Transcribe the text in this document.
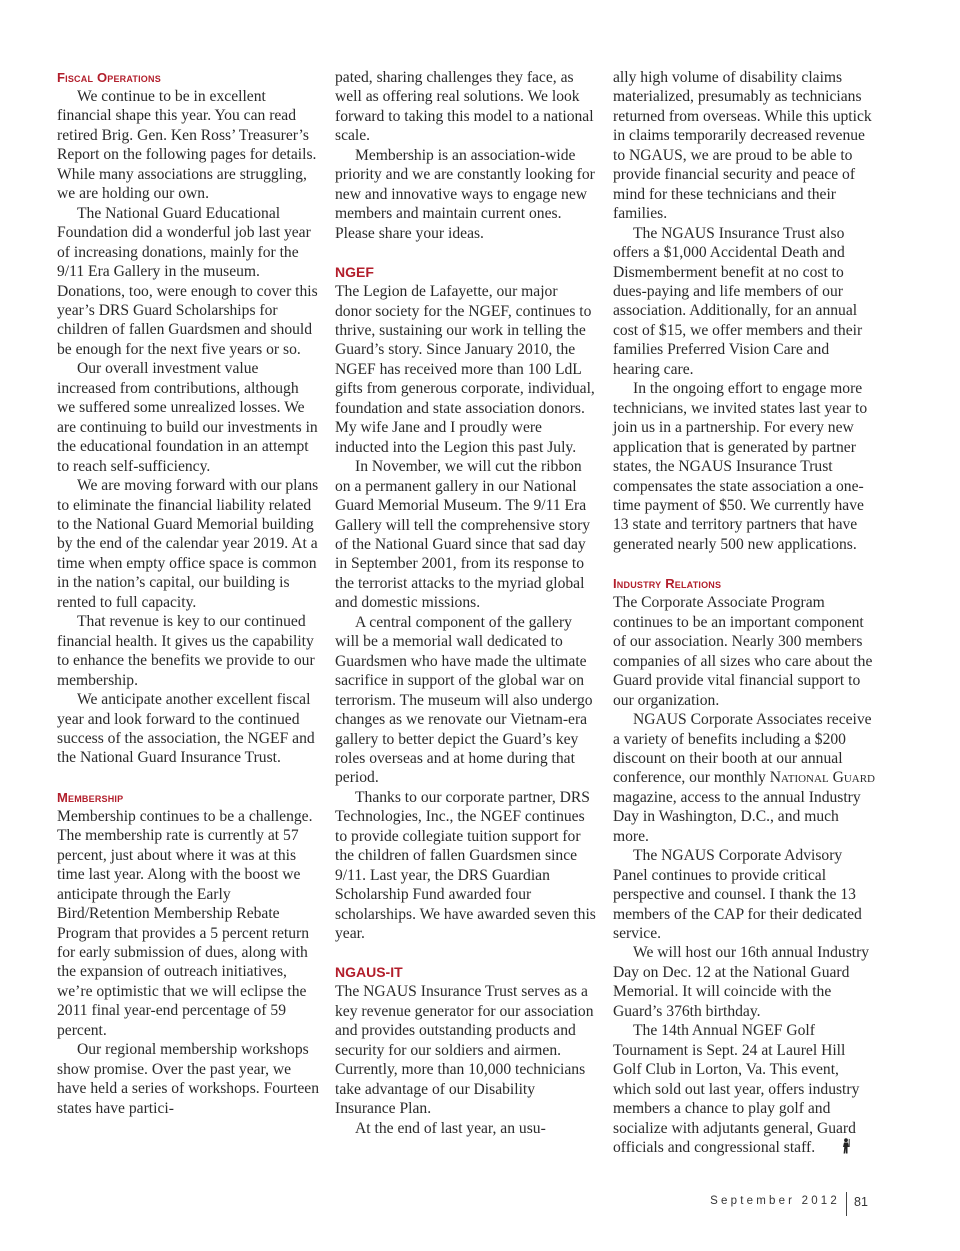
Fiscal Operations

We continue to be in excellent financial shape this year. You can read retired Brig. Gen. Ken Ross’ Treasurer’s Report on the following pages for details. While many associations are struggling, we are holding our own.

The National Guard Educational Foundation did a wonderful job last year of increasing donations, mainly for the 9/11 Era Gallery in the museum. Donations, too, were enough to cover this year’s DRS Guard Scholarships for children of fallen Guardsmen and should be enough for the next five years or so.

Our overall investment value increased from contributions, although we suffered some unrealized losses. We are continuing to build our investments in the educational foundation in an attempt to reach self-sufficiency.

We are moving forward with our plans to eliminate the financial liability related to the National Guard Memorial building by the end of the calendar year 2019. At a time when empty office space is common in the nation’s capital, our building is rented to full capacity.

That revenue is key to our continued financial health. It gives us the capability to enhance the benefits we provide to our membership.

We anticipate another excellent fiscal year and look forward to the continued success of the association, the NGEF and the National Guard Insurance Trust.

Membership

Membership continues to be a challenge. The membership rate is currently at 57 percent, just about where it was at this time last year. Along with the boost we anticipate through the Early Bird/Retention Membership Rebate Program that provides a 5 percent return for early submission of dues, along with the expansion of outreach initiatives, we’re optimistic that we will eclipse the 2011 final year-end percentage of 59 percent.

Our regional membership workshops show promise. Over the past year, we have held a series of workshops. Fourteen states have partici-

pated, sharing challenges they face, as well as offering real solutions. We look forward to taking this model to a national scale.

Membership is an association-wide priority and we are constantly looking for new and innovative ways to engage new members and maintain current ones. Please share your ideas.

NGEF

The Legion de Lafayette, our major donor society for the NGEF, continues to thrive, sustaining our work in telling the Guard’s story. Since January 2010, the NGEF has received more than 100 LdL gifts from generous corporate, individual, foundation and state association donors. My wife Jane and I proudly were inducted into the Legion this past July.

In November, we will cut the ribbon on a permanent gallery in our National Guard Memorial Museum. The 9/11 Era Gallery will tell the comprehensive story of the National Guard since that sad day in September 2001, from its response to the terrorist attacks to the myriad global and domestic missions.

A central component of the gallery will be a memorial wall dedicated to Guardsmen who have made the ultimate sacrifice in support of the global war on terrorism. The museum will also undergo changes as we renovate our Vietnam-era gallery to better depict the Guard’s key roles overseas and at home during that period.

Thanks to our corporate partner, DRS Technologies, Inc., the NGEF continues to provide collegiate tuition support for the children of fallen Guardsmen since 9/11. Last year, the DRS Guardian Scholarship Fund awarded four scholarships. We have awarded seven this year.

NGAUS-IT

The NGAUS Insurance Trust serves as a key revenue generator for our association and provides outstanding products and security for our soldiers and airmen. Currently, more than 10,000 technicians take advantage of our Disability Insurance Plan.

At the end of last year, an usu-

ally high volume of disability claims materialized, presumably as technicians returned from overseas. While this uptick in claims temporarily decreased revenue to NGAUS, we are proud to be able to provide financial security and peace of mind for these technicians and their families.

The NGAUS Insurance Trust also offers a $1,000 Accidental Death and Dismemberment benefit at no cost to dues-paying and life members of our association. Additionally, for an annual cost of $15, we offer members and their families Preferred Vision Care and hearing care.

In the ongoing effort to engage more technicians, we invited states last year to join us in a partnership. For every new application that is generated by partner states, the NGAUS Insurance Trust compensates the state association a one-time payment of $50. We currently have 13 state and territory partners that have generated nearly 500 new applications.

Industry Relations

The Corporate Associate Program continues to be an important component of our association. Nearly 300 members companies of all sizes who care about the Guard provide vital financial support to our organization.

NGAUS Corporate Associates receive a variety of benefits including a $200 discount on their booth at our annual conference, our monthly National Guard magazine, access to the annual Industry Day in Washington, D.C., and much more.

The NGAUS Corporate Advisory Panel continues to provide critical perspective and counsel. I thank the 13 members of the CAP for their dedicated service.

We will host our 16th annual Industry Day on Dec. 12 at the National Guard Memorial. It will coincide with the Guard’s 376th birthday.

The 14th Annual NGEF Golf Tournament is Sept. 24 at Laurel Hill Golf Club in Lorton, Va. This event, which sold out last year, offers industry members a chance to play golf and socialize with adjutants general, Guard officials and congressional staff.

September 2012 81
